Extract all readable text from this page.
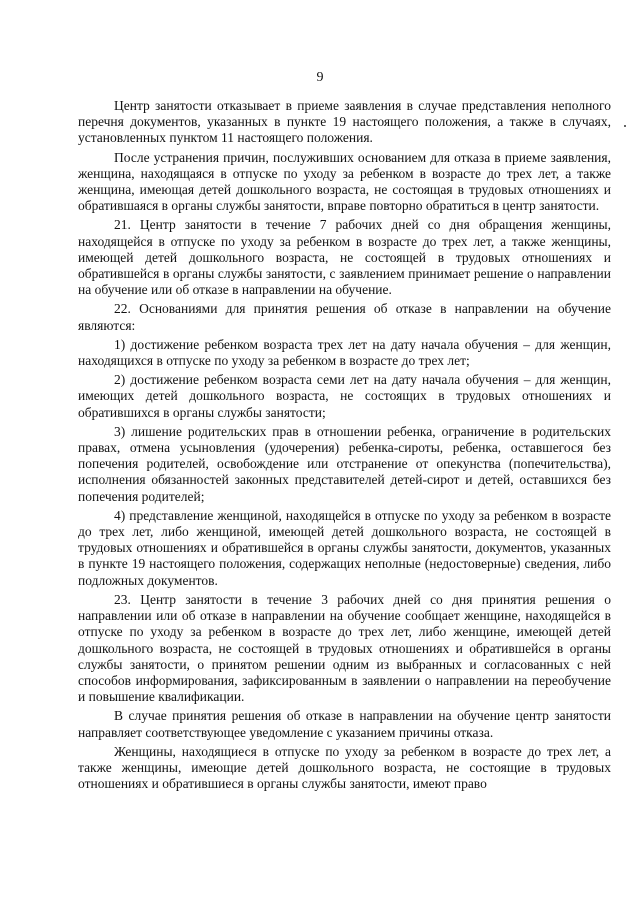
9

Центр занятости отказывает в приеме заявления в случае представления неполного перечня документов, указанных в пункте 19 настоящего положения, а также в случаях, установленных пунктом 11 настоящего положения.

После устранения причин, послуживших основанием для отказа в приеме заявления, женщина, находящаяся в отпуске по уходу за ребенком в возрасте до трех лет, а также женщина, имеющая детей дошкольного возраста, не состоящая в трудовых отношениях и обратившаяся в органы службы занятости, вправе повторно обратиться в центр занятости.

21. Центр занятости в течение 7 рабочих дней со дня обращения женщины, находящейся в отпуске по уходу за ребенком в возрасте до трех лет, а также женщины, имеющей детей дошкольного возраста, не состоящей в трудовых отношениях и обратившейся в органы службы занятости, с заявлением принимает решение о направлении на обучение или об отказе в направлении на обучение.

22. Основаниями для принятия решения об отказе в направлении на обучение являются:

1) достижение ребенком возраста трех лет на дату начала обучения – для женщин, находящихся в отпуске по уходу за ребенком в возрасте до трех лет;

2) достижение ребенком возраста семи лет на дату начала обучения – для женщин, имеющих детей дошкольного возраста, не состоящих в трудовых отношениях и обратившихся в органы службы занятости;

3) лишение родительских прав в отношении ребенка, ограничение в родительских правах, отмена усыновления (удочерения) ребенка-сироты, ребенка, оставшегося без попечения родителей, освобождение или отстранение от опекунства (попечительства), исполнения обязанностей законных представителей детей-сирот и детей, оставшихся без попечения родителей;

4) представление женщиной, находящейся в отпуске по уходу за ребенком в возрасте до трех лет, либо женщиной, имеющей детей дошкольного возраста, не состоящей в трудовых отношениях и обратившейся в органы службы занятости, документов, указанных в пункте 19 настоящего положения, содержащих неполные (недостоверные) сведения, либо подложных документов.

23. Центр занятости в течение 3 рабочих дней со дня принятия решения о направлении или об отказе в направлении на обучение сообщает женщине, находящейся в отпуске по уходу за ребенком в возрасте до трех лет, либо женщине, имеющей детей дошкольного возраста, не состоящей в трудовых отношениях и обратившейся в органы службы занятости, о принятом решении одним из выбранных и согласованных с ней способов информирования, зафиксированным в заявлении о направлении на переобучение и повышение квалификации.

В случае принятия решения об отказе в направлении на обучение центр занятости направляет соответствующее уведомление с указанием причины отказа.

Женщины, находящиеся в отпуске по уходу за ребенком в возрасте до трех лет, а также женщины, имеющие детей дошкольного возраста, не состоящие в трудовых отношениях и обратившиеся в органы службы занятости, имеют право
